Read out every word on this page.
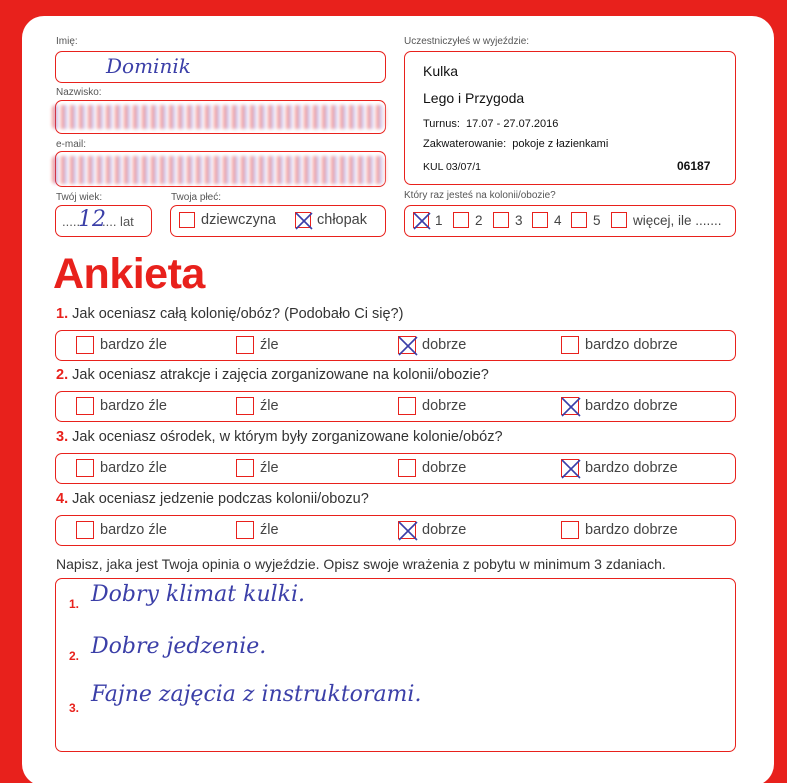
Imię:
Dominik
Nazwisko:
e-mail:
Twój wiek:
......
12
.... lat
Twoja płeć:
dziewczyna	chłopak
Uczestniczyłeś w wyjeździe:
Kulka
Lego i Przygoda
Turnus: 17.07 - 27.07.2016
Zakwaterowanie: pokoje z łazienkami
KUL 03/07/1	06187
Który raz jesteś na kolonii/obozie?
1 2 3 4 5 więcej, ile .......
Ankieta
1. Jak oceniasz całą kolonię/obóz? (Podobało Ci się?)
bardzo źle	źle	dobrze	bardzo dobrze
2. Jak oceniasz atrakcje i zajęcia zorganizowane na kolonii/obozie?
bardzo źle	źle	dobrze	bardzo dobrze
3. Jak oceniasz ośrodek, w którym były zorganizowane kolonie/obóz?
bardzo źle	źle	dobrze	bardzo dobrze
4. Jak oceniasz jedzenie podczas kolonii/obozu?
bardzo źle	źle	dobrze	bardzo dobrze
Napisz, jaka jest Twoja opinia o wyjeździe. Opisz swoje wrażenia z pobytu w minimum 3 zdaniach.
1. Dobry klimat kulki.
2. Dobre jedzenie.
3.
Fajne zajęcia z instruktorami.
